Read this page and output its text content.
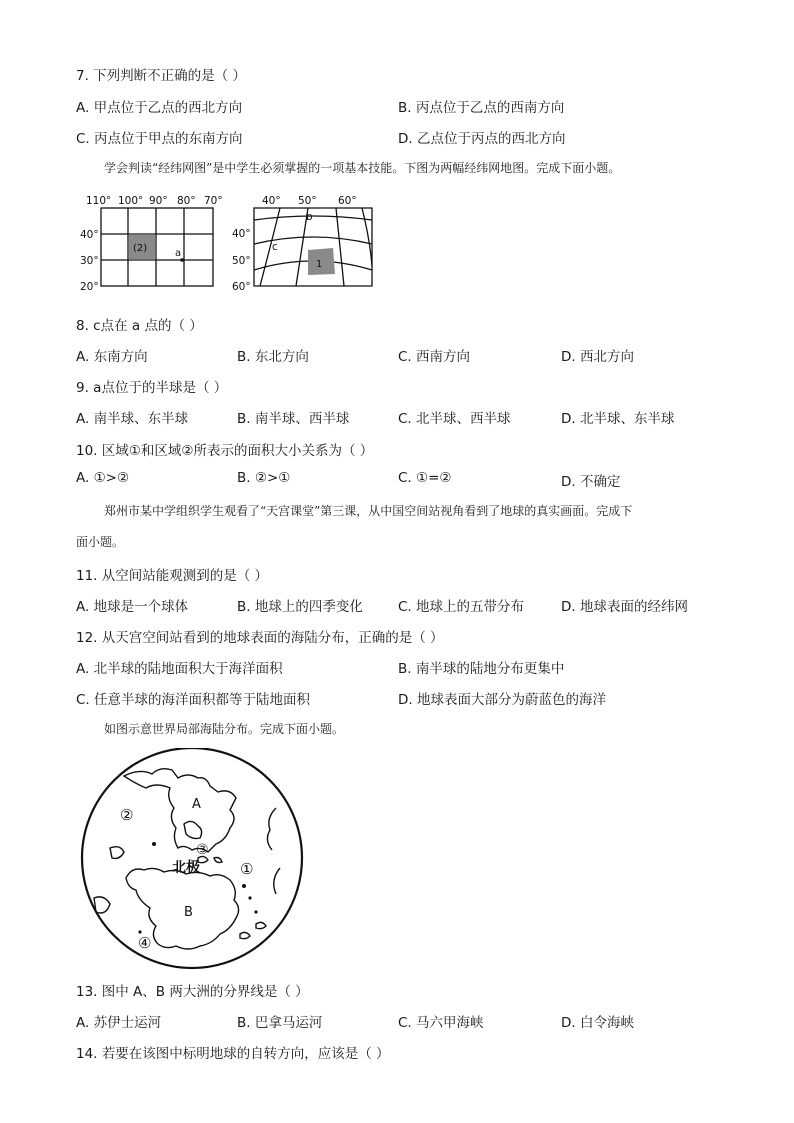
7. 下列判断不正确的是（ ）
A. 甲点位于乙点的西北方向	B. 丙点位于乙点的西南方向
C. 丙点位于甲点的东南方向	D. 乙点位于丙点的西北方向
学会判读“经纬网图”是中学生必须掌握的一项基本技能。下图为两幅经纬网地图。完成下面小题。
(2)	a
110° 100° 90° 80° 70°
40°
30°
20°
1
b
c
40° 50° 60°
40°
50°
60°
8. c点在 a 点的（ ）
A. 东南方向	B. 东北方向	C. 西南方向	D. 西北方向
9. a点位于的半球是（ ）
A. 南半球、东半球	B. 南半球、西半球	C. 北半球、西半球	D. 北半球、东半球
10. 区域①和区域②所表示的面积大小关系为（ ）
A. ①>②	B. ②>①	C. ①=②	D. 不确定
郑州市某中学组织学生观看了“天宫课堂”第三课，从中国空间站视角看到了地球的真实画面。完成下
面小题。
11. 从空间站能观测到的是（ ）
A. 地球是一个球体	B. 地球上的四季变化	C. 地球上的五带分布	D. 地球表面的经纬网
12. 从天宫空间站看到的地球表面的海陆分布，正确的是（ ）
A. 北半球的陆地面积大于海洋面积	B. 南半球的陆地分布更集中
C. 任意半球的海洋面积都等于陆地面积	D. 地球表面大部分为蔚蓝色的海洋
如图示意世界局部海陆分布。完成下面小题。
A
B
北极	①
②
③
④
13. 图中 A、B 两大洲的分界线是（ ）
A. 苏伊士运河	B. 巴拿马运河	C. 马六甲海峡	D. 白令海峡
14. 若要在该图中标明地球的自转方向，应该是（ ）
